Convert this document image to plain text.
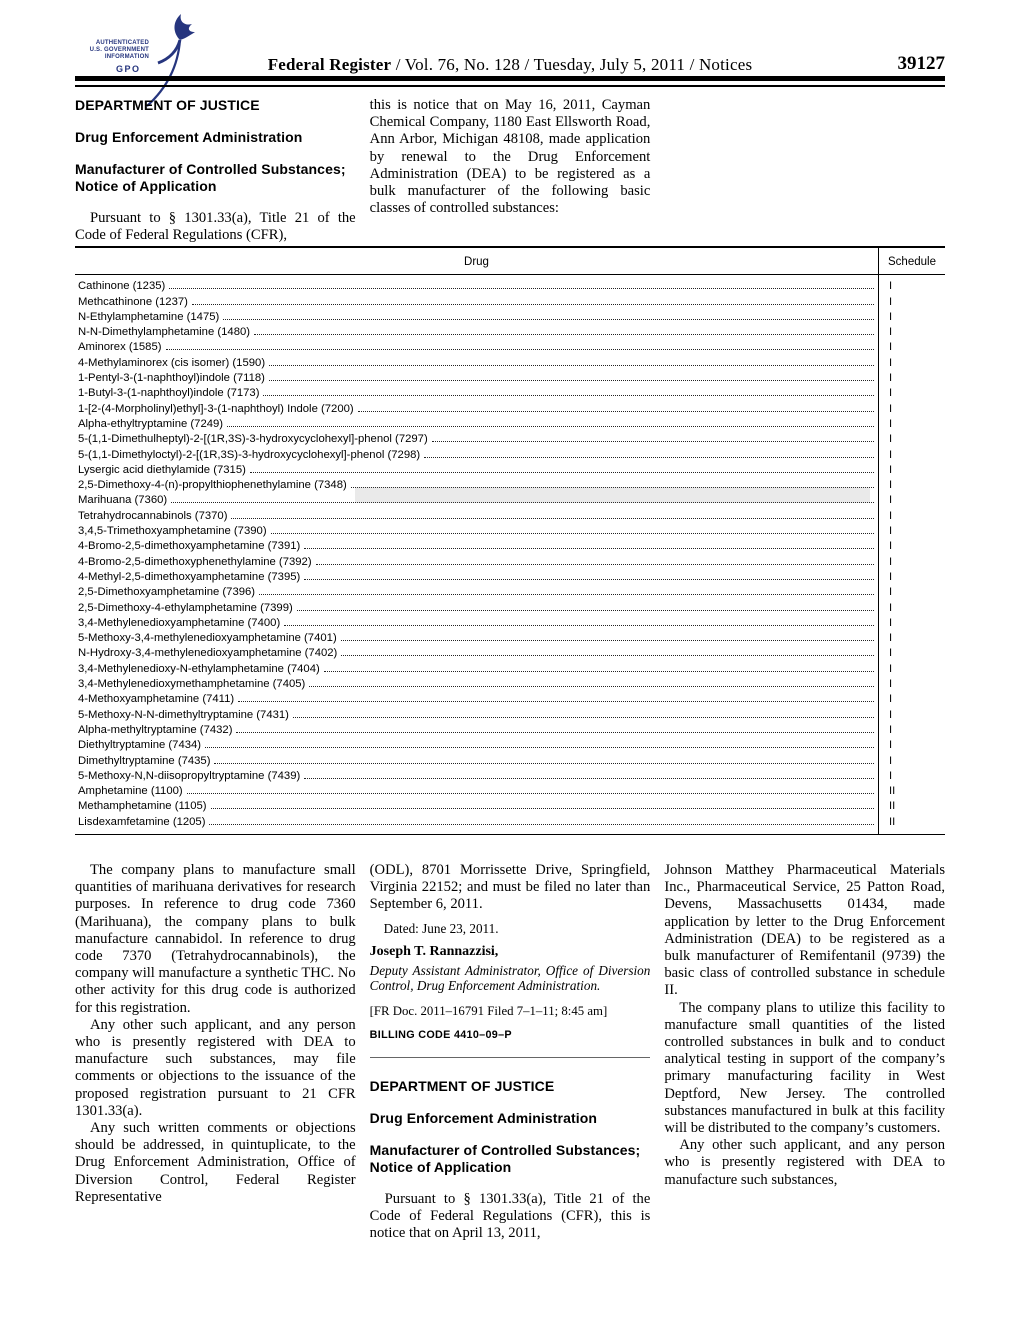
AUTHENTICATED
U.S. GOVERNMENT
INFORMATION
GPO	Federal Register / Vol. 76, No. 128 / Tuesday, July 5, 2011 / Notices	39127

DEPARTMENT OF JUSTICE

Drug Enforcement Administration

Manufacturer of Controlled Substances; Notice of Application

Pursuant to § 1301.33(a), Title 21 of the Code of Federal Regulations (CFR),

this is notice that on May 16, 2011, Cayman Chemical Company, 1180 East Ellsworth Road, Ann Arbor, Michigan 48108, made application by renewal to the Drug Enforcement Administration (DEA) to be registered as a bulk manufacturer of the following basic classes of controlled substances:

Drug	Schedule
Cathinone (1235)	I
Methcathinone (1237)	I
N-Ethylamphetamine (1475)	I
N-N-Dimethylamphetamine (1480)	I
Aminorex (1585)	I
4-Methylaminorex (cis isomer) (1590)	I
1-Pentyl-3-(1-naphthoyl)indole (7118)	I
1-Butyl-3-(1-naphthoyl)indole (7173)	I
1-[2-(4-Morpholinyl)ethyl]-3-(1-naphthoyl) Indole (7200)	I
Alpha-ethyltryptamine (7249)	I
5-(1,1-Dimethulheptyl)-2-[(1R,3S)-3-hydroxycyclohexyl]-phenol (7297)	I
5-(1,1-Dimethyloctyl)-2-[(1R,3S)-3-hydroxycyclohexyl]-phenol (7298)	I
Lysergic acid diethylamide (7315)	I
2,5-Dimethoxy-4-(n)-propylthiophenethylamine (7348)	I
Marihuana (7360)	I
Tetrahydrocannabinols (7370)	I
3,4,5-Trimethoxyamphetamine (7390)	I
4-Bromo-2,5-dimethoxyamphetamine (7391)	I
4-Bromo-2,5-dimethoxyphenethylamine (7392)	I
4-Methyl-2,5-dimethoxyamphetamine (7395)	I
2,5-Dimethoxyamphetamine (7396)	I
2,5-Dimethoxy-4-ethylamphetamine (7399)	I
3,4-Methylenedioxyamphetamine (7400)	I
5-Methoxy-3,4-methylenedioxyamphetamine (7401)	I
N-Hydroxy-3,4-methylenedioxyamphetamine (7402)	I
3,4-Methylenedioxy-N-ethylamphetamine (7404)	I
3,4-Methylenedioxymethamphetamine (7405)	I
4-Methoxyamphetamine (7411)	I
5-Methoxy-N-N-dimethyltryptamine (7431)	I
Alpha-methyltryptamine (7432)	I
Diethyltryptamine (7434)	I
Dimethyltryptamine (7435)	I
5-Methoxy-N,N-diisopropyltryptamine (7439)	I
Amphetamine (1100)	II
Methamphetamine (1105)	II
Lisdexamfetamine (1205)	II

The company plans to manufacture small quantities of marihuana derivatives for research purposes. In reference to drug code 7360 (Marihuana), the company plans to bulk manufacture cannabidol. In reference to drug code 7370 (Tetrahydrocannabinols), the company will manufacture a synthetic THC. No other activity for this drug code is authorized for this registration.

Any other such applicant, and any person who is presently registered with DEA to manufacture such substances, may file comments or objections to the issuance of the proposed registration pursuant to 21 CFR 1301.33(a).

Any such written comments or objections should be addressed, in quintuplicate, to the Drug Enforcement Administration, Office of Diversion Control, Federal Register Representative

(ODL), 8701 Morrissette Drive, Springfield, Virginia 22152; and must be filed no later than September 6, 2011.

Dated: June 23, 2011.

Joseph T. Rannazzisi,

Deputy Assistant Administrator, Office of Diversion Control, Drug Enforcement Administration.

[FR Doc. 2011–16791 Filed 7–1–11; 8:45 am]

BILLING CODE 4410–09–P

DEPARTMENT OF JUSTICE

Drug Enforcement Administration

Manufacturer of Controlled Substances; Notice of Application

Pursuant to § 1301.33(a), Title 21 of the Code of Federal Regulations (CFR), this is notice that on April 13, 2011,

Johnson Matthey Pharmaceutical Materials Inc., Pharmaceutical Service, 25 Patton Road, Devens, Massachusetts 01434, made application by letter to the Drug Enforcement Administration (DEA) to be registered as a bulk manufacturer of Remifentanil (9739) the basic class of controlled substance in schedule II.

The company plans to utilize this facility to manufacture small quantities of the listed controlled substances in bulk and to conduct analytical testing in support of the company’s primary manufacturing facility in West Deptford, New Jersey. The controlled substances manufactured in bulk at this facility will be distributed to the company’s customers.

Any other such applicant, and any person who is presently registered with DEA to manufacture such substances,
